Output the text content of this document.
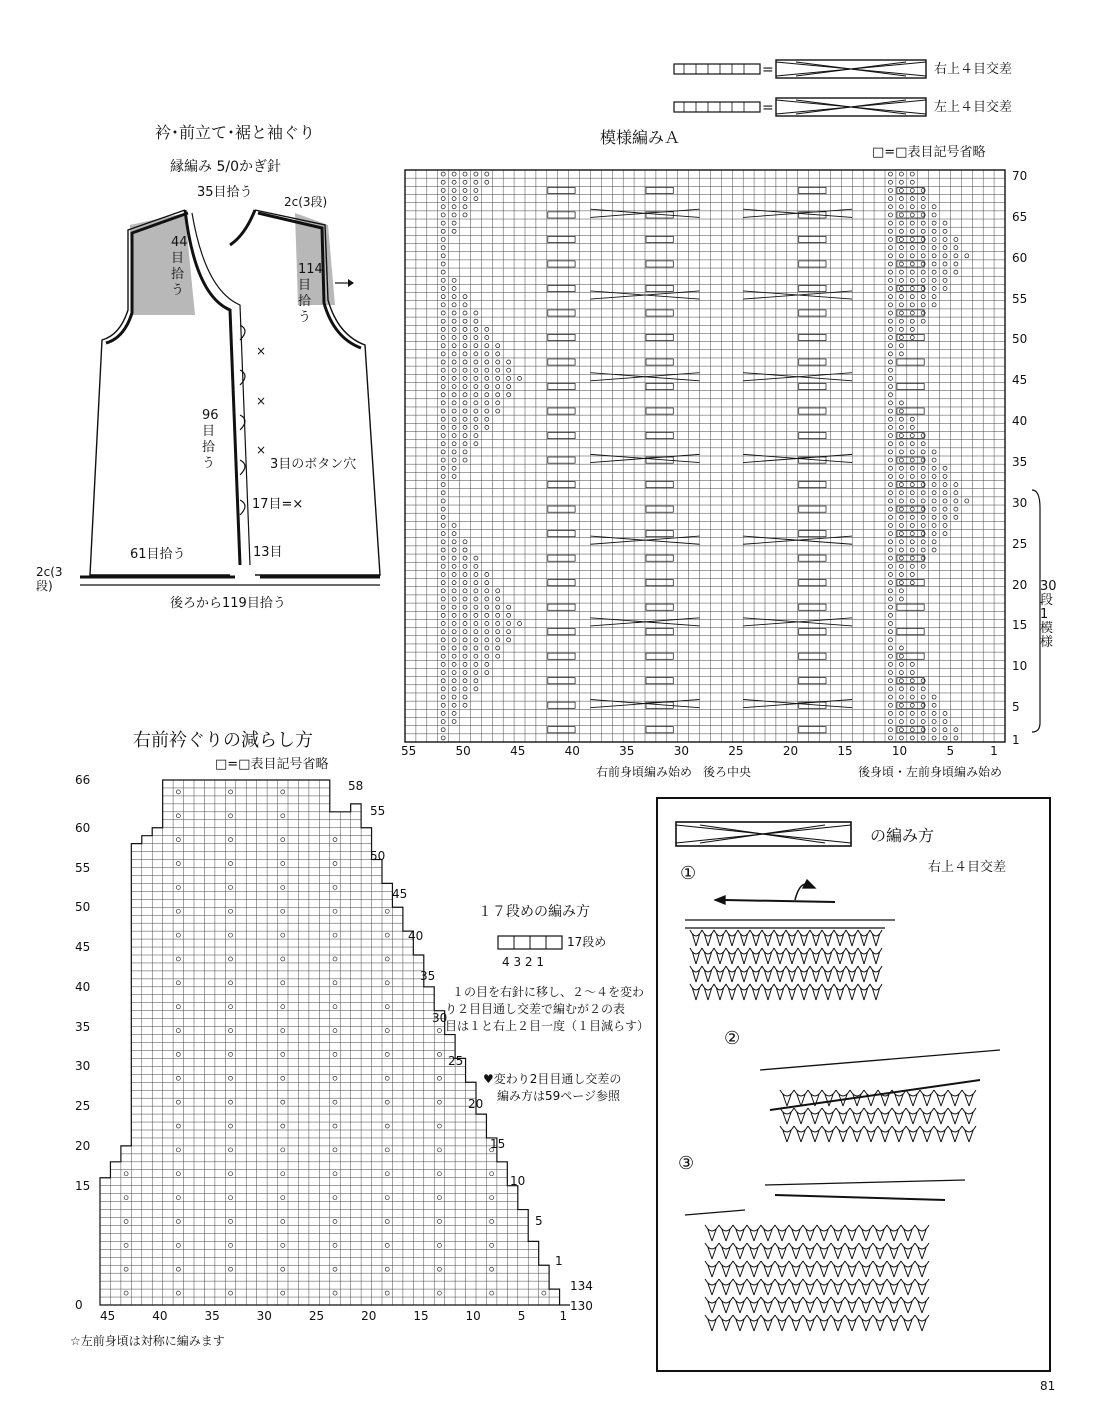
=	右上４目交差
=	左上４目交差
衿･前立て･裾と袖ぐり
縁編み 5/0かぎ針
35目拾う
2c(3段)
44目拾う
114目拾う
96目拾う
×
×
×
3目のボタン穴
17目=×
61目拾う	13目
2c(3段)
後ろから119目拾う
模様編みＡ
□=□表目記号省略
55	50	45	40	35	30	25	20	15	10	5	1
70
65
60
55
50
45
40
35
30
25
20
15
10
5
1
30段1模様
右前身頃編み始め 後ろ中央	後身頃・左前身頃編み始め
右前衿ぐりの減らし方
□=□表目記号省略
66
60
55
50
45
40
35
30
25
20
15
0
45	40	35	30	25	20	15	10	5	1
58
55
50
45
40
35
30
25
20
15
10
5
1
134
130
☆左前身頃は対称に編みます
１７段めの編み方
17段め
4 3 2 1
１の目を右針に移し、２～４を変わ
り２目目通し交差で編むが２の表
目は１と右上２目一度（１目減らす）
♥変わり2目目通し交差の
編み方は59ページ参照
の編み方
右上４目交差
①
②
③
81
